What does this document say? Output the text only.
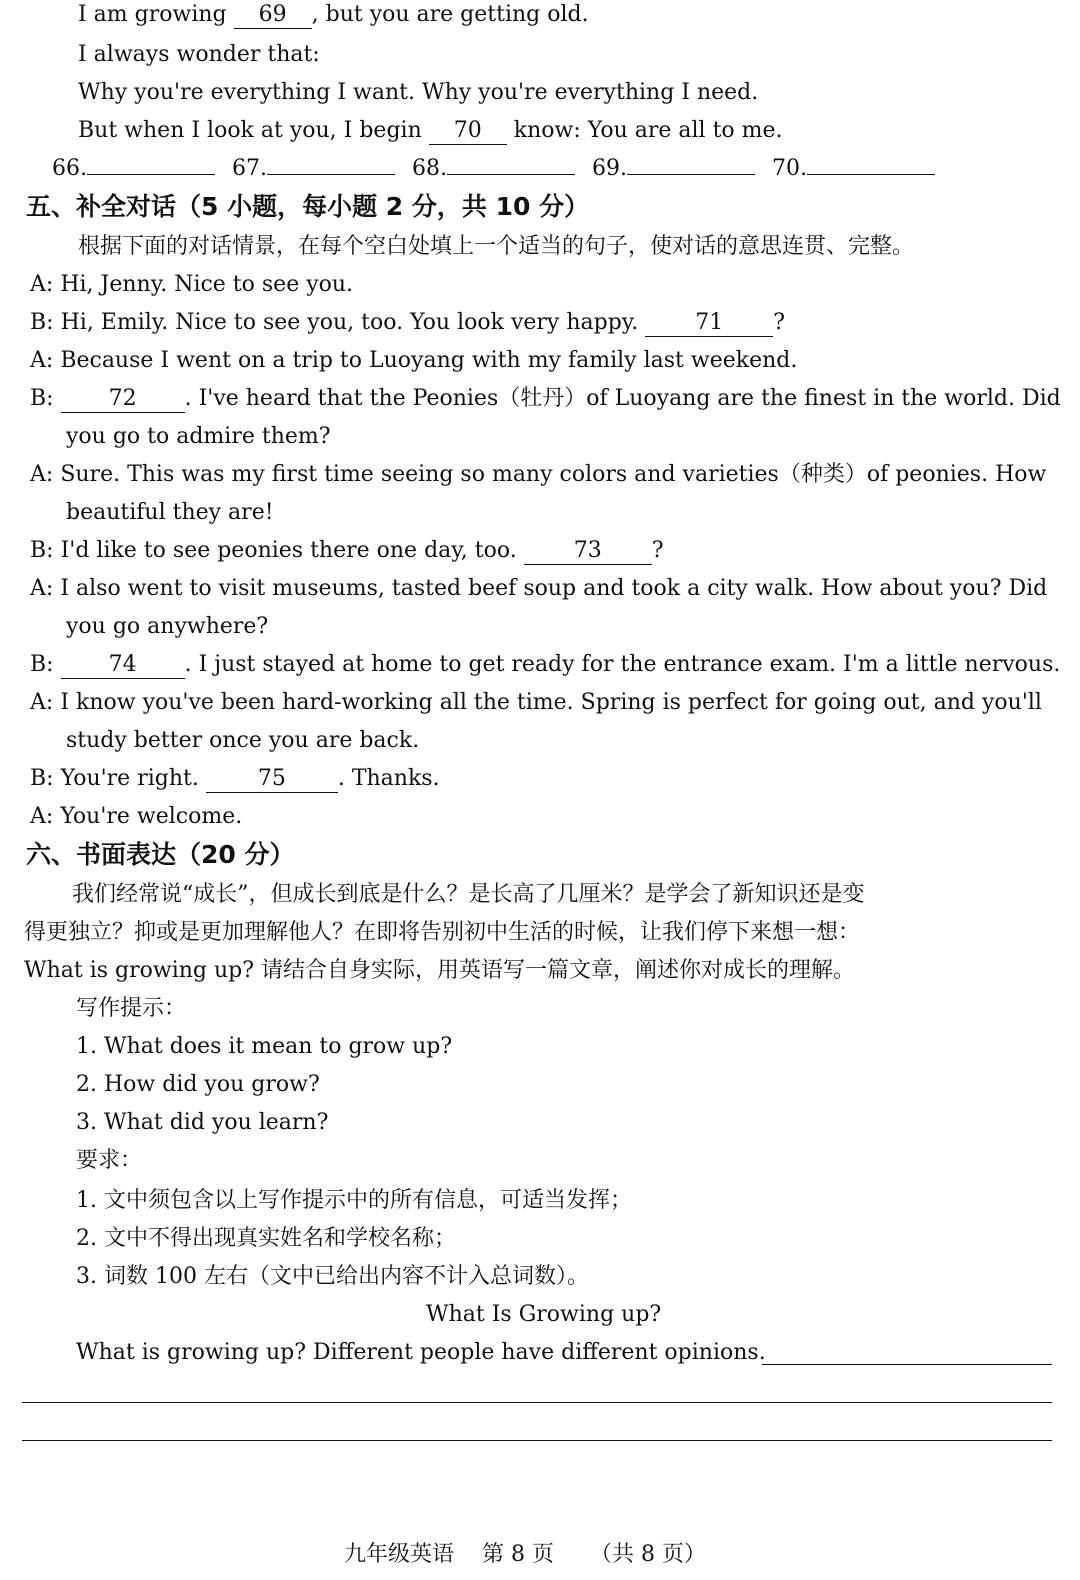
I am growing 69 , but you are getting old.
I always wonder that:
Why you're everything I want. Why you're everything I need.
But when I look at you, I begin 70 know: You are all to me.
66.	67.	68.	69.	70.
五、补全对话（5 小题，每小题 2 分，共 10 分）
根据下面的对话情景，在每个空白处填上一个适当的句子，使对话的意思连贯、完整。
A: Hi, Jenny. Nice to see you.
B: Hi, Emily. Nice to see you, too. You look very happy.	71 ?
A: Because I went on a trip to Luoyang with my family last weekend.
B:	72 . I've heard that the Peonies（牡丹）of Luoyang are the finest in the world. Did
you go to admire them?
A: Sure. This was my first time seeing so many colors and varieties（种类）of peonies. How
beautiful they are!
B: I'd like to see peonies there one day, too.	73 ?
A: I also went to visit museums, tasted beef soup and took a city walk. How about you? Did
you go anywhere?
B:	74 . I just stayed at home to get ready for the entrance exam. I'm a little nervous.
A: I know you've been hard-working all the time. Spring is perfect for going out, and you'll
study better once you are back.
B: You're right.	75 . Thanks.
A: You're welcome.
六、书面表达（20 分）
我们经常说“成长”，但成长到底是什么？是长高了几厘米？是学会了新知识还是变
得更独立？抑或是更加理解他人？在即将告别初中生活的时候，让我们停下来想一想：
What is growing up? 请结合自身实际，用英语写一篇文章，阐述你对成长的理解。
写作提示：
1. What does it mean to grow up?
2. How did you grow?
3. What did you learn?
要求：
1. 文中须包含以上写作提示中的所有信息，可适当发挥；
2. 文中不得出现真实姓名和学校名称；
3. 词数 100 左右（文中已给出内容不计入总词数）。
What Is Growing up?
What is growing up? Different people have different opinions.
九年级英语 第 8 页 （共 8 页）
